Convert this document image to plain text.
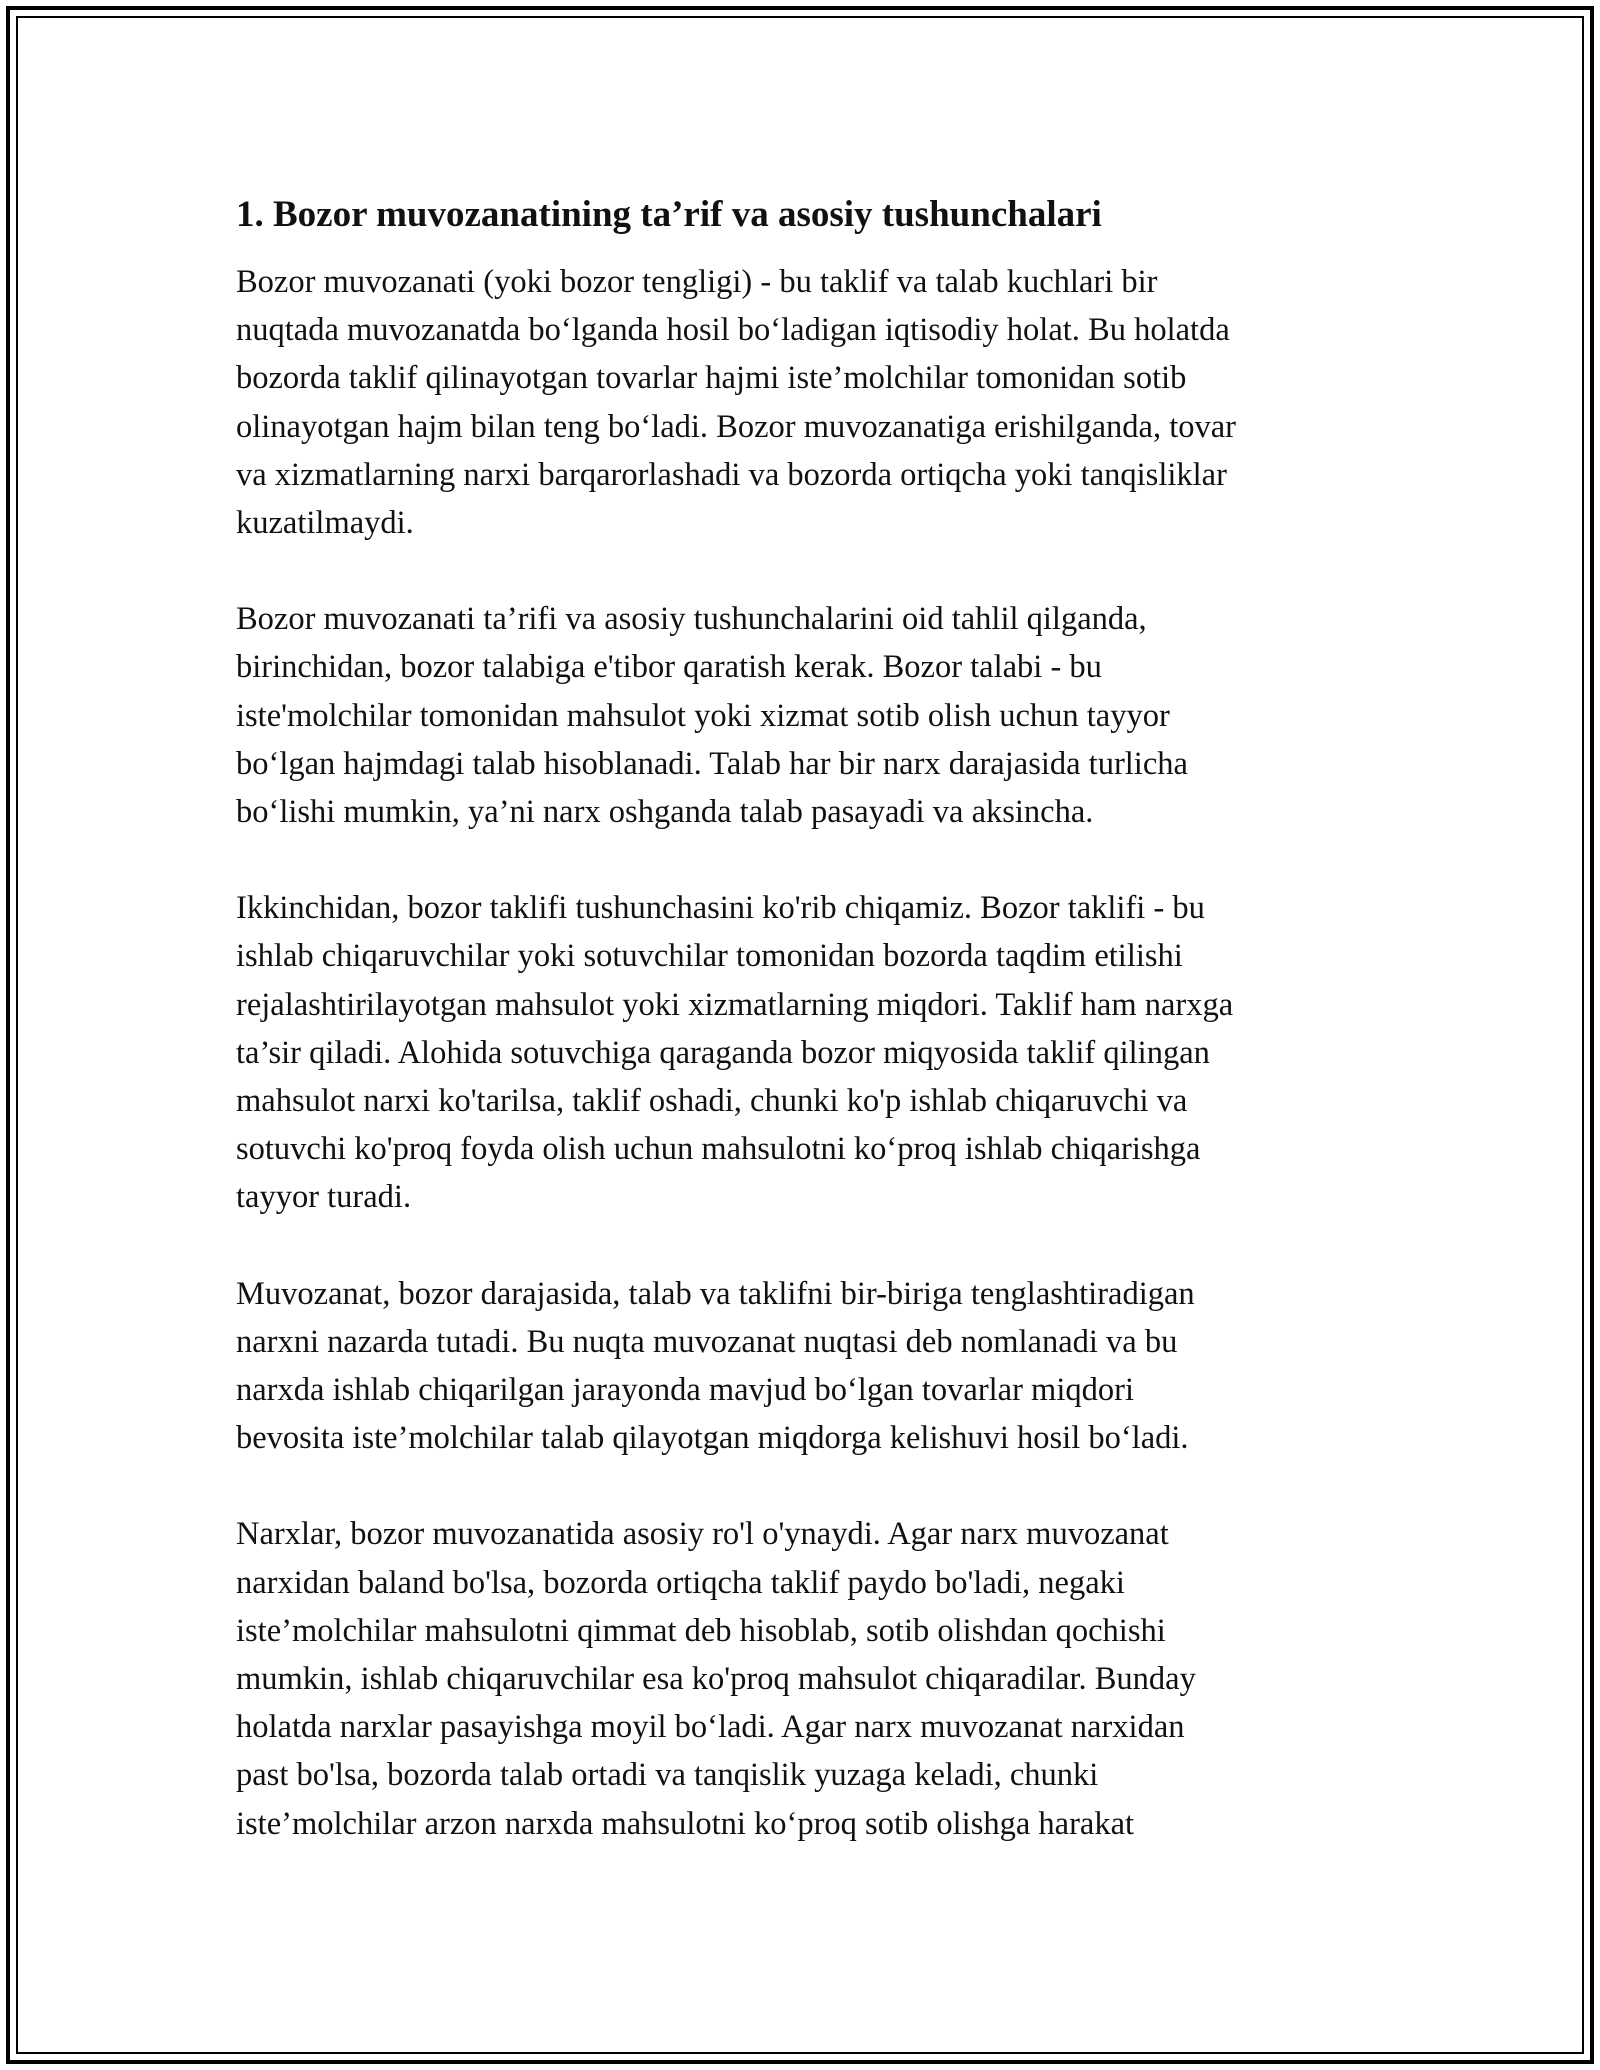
1. Bozor muvozanatining ta’rif va asosiy tushunchalari

Bozor muvozanati (yoki bozor tengligi) - bu taklif va talab kuchlari bir
nuqtada muvozanatda bo‘lganda hosil bo‘ladigan iqtisodiy holat. Bu holatda
bozorda taklif qilinayotgan tovarlar hajmi iste’molchilar tomonidan sotib
olinayotgan hajm bilan teng bo‘ladi. Bozor muvozanatiga erishilganda, tovar
va xizmatlarning narxi barqarorlashadi va bozorda ortiqcha yoki tanqisliklar
kuzatilmaydi.

Bozor muvozanati ta’rifi va asosiy tushunchalarini oid tahlil qilganda,
birinchidan, bozor talabiga e'tibor qaratish kerak. Bozor talabi - bu
iste'molchilar tomonidan mahsulot yoki xizmat sotib olish uchun tayyor
bo‘lgan hajmdagi talab hisoblanadi. Talab har bir narx darajasida turlicha
bo‘lishi mumkin, ya’ni narx oshganda talab pasayadi va aksincha.

Ikkinchidan, bozor taklifi tushunchasini ko'rib chiqamiz. Bozor taklifi - bu
ishlab chiqaruvchilar yoki sotuvchilar tomonidan bozorda taqdim etilishi
rejalashtirilayotgan mahsulot yoki xizmatlarning miqdori. Taklif ham narxga
ta’sir qiladi. Alohida sotuvchiga qaraganda bozor miqyosida taklif qilingan
mahsulot narxi ko'tarilsa, taklif oshadi, chunki ko'p ishlab chiqaruvchi va
sotuvchi ko'proq foyda olish uchun mahsulotni ko‘proq ishlab chiqarishga
tayyor turadi.

Muvozanat, bozor darajasida, talab va taklifni bir-biriga tenglashtiradigan
narxni nazarda tutadi. Bu nuqta muvozanat nuqtasi deb nomlanadi va bu
narxda ishlab chiqarilgan jarayonda mavjud bo‘lgan tovarlar miqdori
bevosita iste’molchilar talab qilayotgan miqdorga kelishuvi hosil bo‘ladi.

Narxlar, bozor muvozanatida asosiy ro'l o'ynaydi. Agar narx muvozanat
narxidan baland bo'lsa, bozorda ortiqcha taklif paydo bo'ladi, negaki
iste’molchilar mahsulotni qimmat deb hisoblab, sotib olishdan qochishi
mumkin, ishlab chiqaruvchilar esa ko'proq mahsulot chiqaradilar. Bunday
holatda narxlar pasayishga moyil bo‘ladi. Agar narx muvozanat narxidan
past bo'lsa, bozorda talab ortadi va tanqislik yuzaga keladi, chunki
iste’molchilar arzon narxda mahsulotni ko‘proq sotib olishga harakat
